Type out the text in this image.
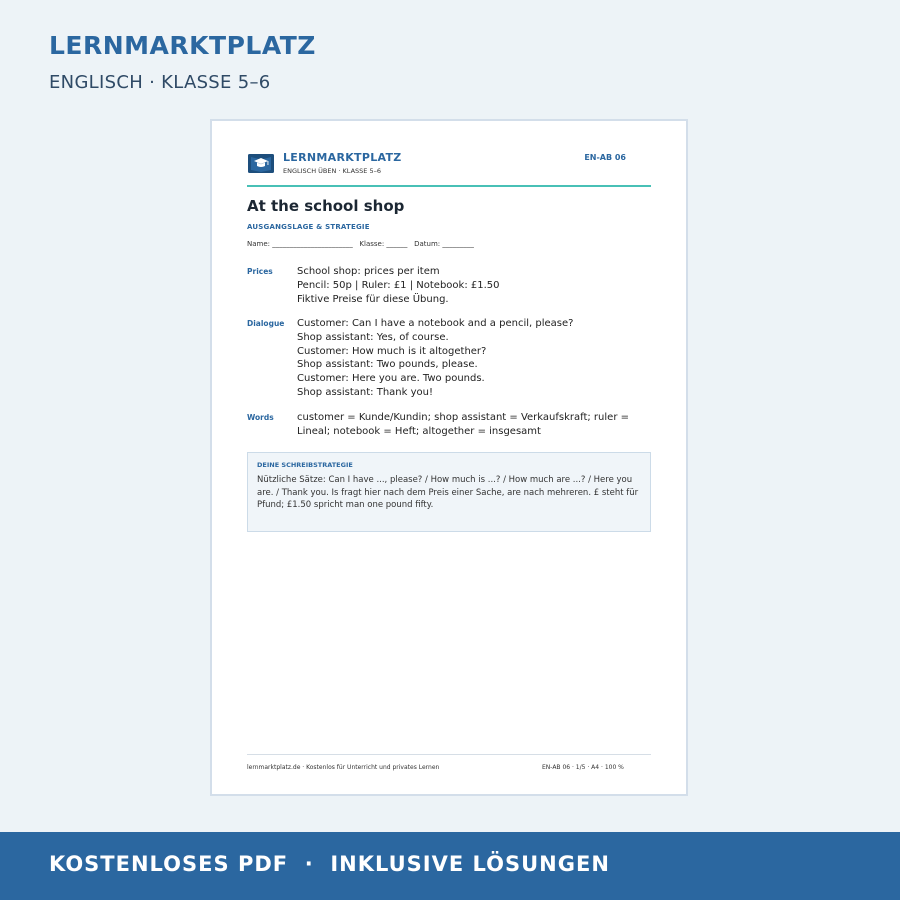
LERNMARKTPLATZ
ENGLISCH · KLASSE 5–6
LERNMARKTPLATZ
ENGLISCH ÜBEN · KLASSE 5–6
EN-AB 06
At the school shop
AUSGANGSLAGE & STRATEGIE
Name: _______________________   Klasse: ______   Datum: _________
Prices School shop: prices per item
Pencil: 50p | Ruler: £1 | Notebook: £1.50
Fiktive Preise für diese Übung.
Dialogue Customer: Can I have a notebook and a pencil, please?
Shop assistant: Yes, of course.
Customer: How much is it altogether?
Shop assistant: Two pounds, please.
Customer: Here you are. Two pounds.
Shop assistant: Thank you!
Words customer = Kunde/Kundin; shop assistant = Verkaufskraft; ruler = Lineal; notebook = Heft; altogether = insgesamt
DEINE SCHREIBSTRATEGIE
Nützliche Sätze: Can I have ..., please? / How much is ...? / How much are ...? / Here you are. / Thank you. Is fragt hier nach dem Preis einer Sache, are nach mehreren. £ steht für Pfund; £1.50 spricht man one pound fifty.
lernmarktplatz.de · Kostenlos für Unterricht und privates Lernen	EN-AB 06 · 1/5 · A4 · 100 %
KOSTENLOSES PDF  ·  INKLUSIVE LÖSUNGEN
